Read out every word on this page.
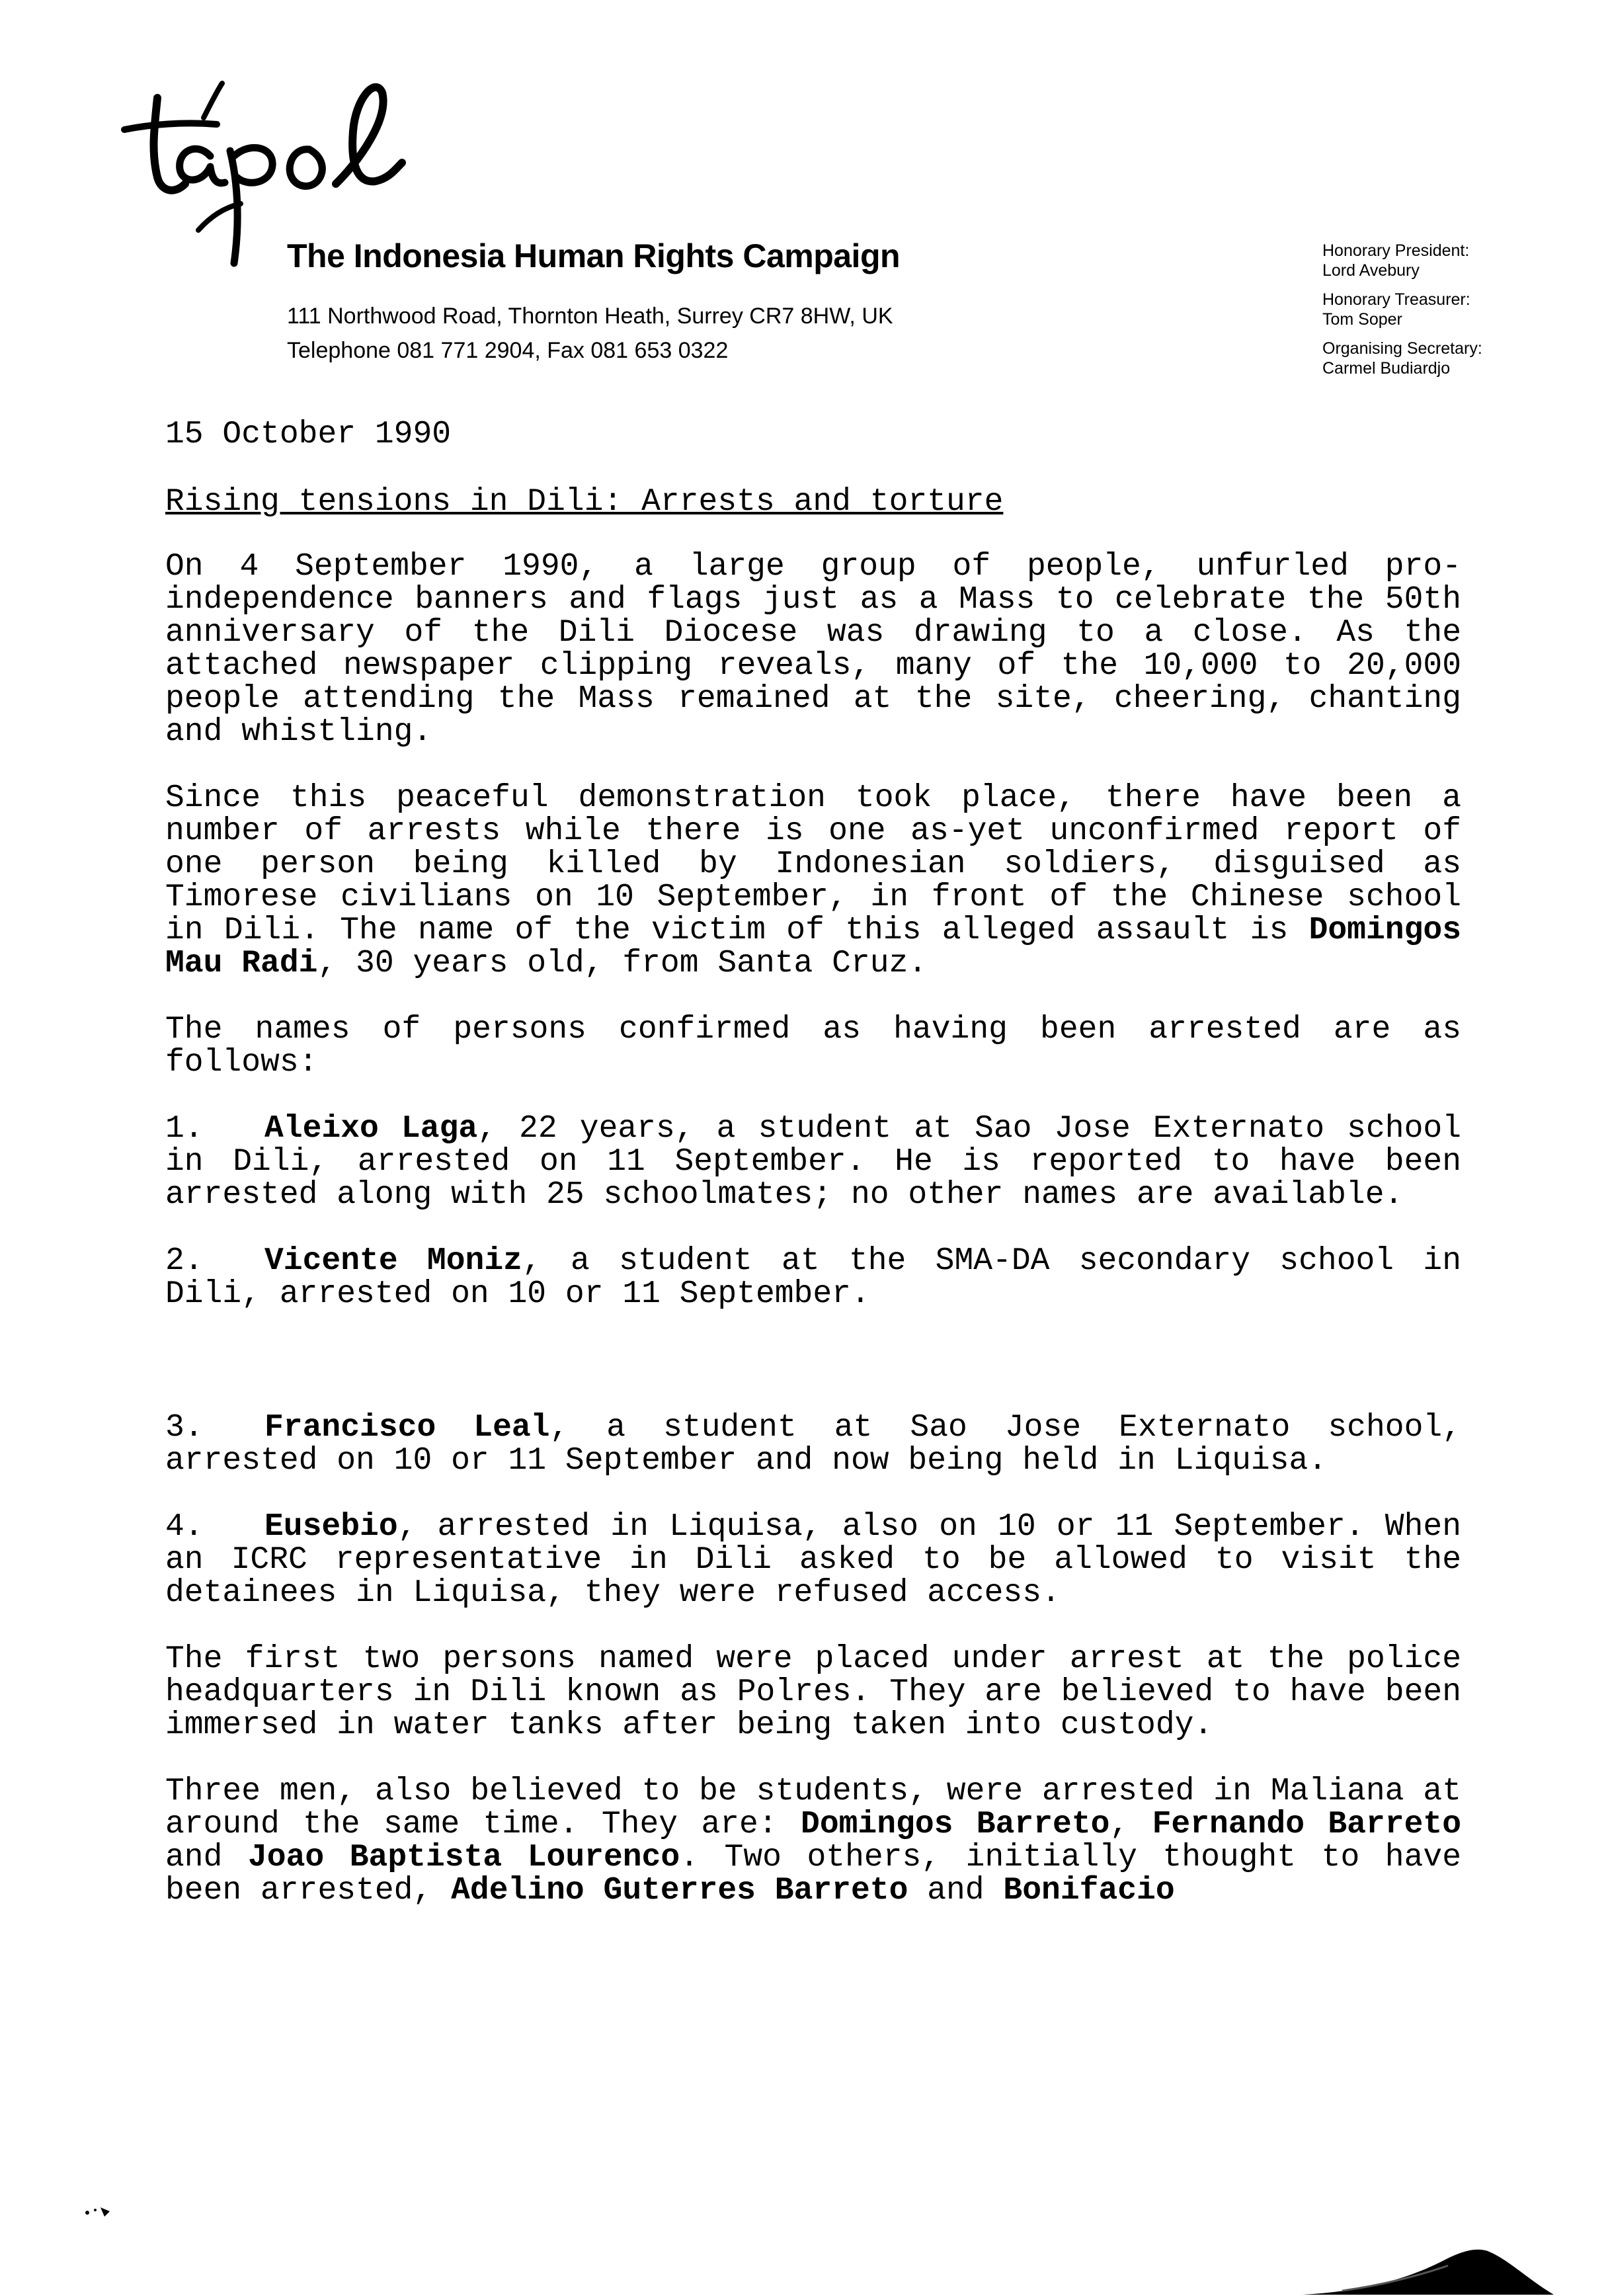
The Indonesia Human Rights Campaign
111 Northwood Road, Thornton Heath, Surrey CR7 8HW, UK
Telephone 081 771 2904, Fax 081 653 0322
Honorary President:
Lord Avebury
Honorary Treasurer:
Tom Soper
Organising Secretary:
Carmel Budiardjo
15 October 1990
Rising tensions in Dili: Arrests and torture
On 4 September 1990, a large group of people, unfurled pro-independence banners and flags just as a Mass to celebrate the 50th anniversary of the Dili Diocese was drawing to a close. As the attached newspaper clipping reveals, many of the 10,000 to 20,000 people attending the Mass remained at the site, cheering, chanting and whistling.
Since this peaceful demonstration took place, there have been a number of arrests while there is one as-yet unconfirmed report of one person being killed by Indonesian soldiers, disguised as Timorese civilians on 10 September, in front of the Chinese school in Dili. The name of the victim of this alleged assault is Domingos Mau Radi, 30 years old, from Santa Cruz.
The names of persons confirmed as having been arrested are as follows:
1. Aleixo Laga, 22 years, a student at Sao Jose Externato school in Dili, arrested on 11 September. He is reported to have been arrested along with 25 schoolmates; no other names are available.
2. Vicente Moniz, a student at the SMA-DA secondary school in Dili, arrested on 10 or 11 September.
3. Francisco Leal, a student at Sao Jose Externato school, arrested on 10 or 11 September and now being held in Liquisa.
4. Eusebio, arrested in Liquisa, also on 10 or 11 September. When an ICRC representative in Dili asked to be allowed to visit the detainees in Liquisa, they were refused access.
The first two persons named were placed under arrest at the police headquarters in Dili known as Polres. They are believed to have been immersed in water tanks after being taken into custody.
Three men, also believed to be students, were arrested in Maliana at around the same time. They are: Domingos Barreto, Fernando Barreto and Joao Baptista Lourenco. Two others, initially thought to have been arrested, Adelino Guterres Barreto and Bonifacio
